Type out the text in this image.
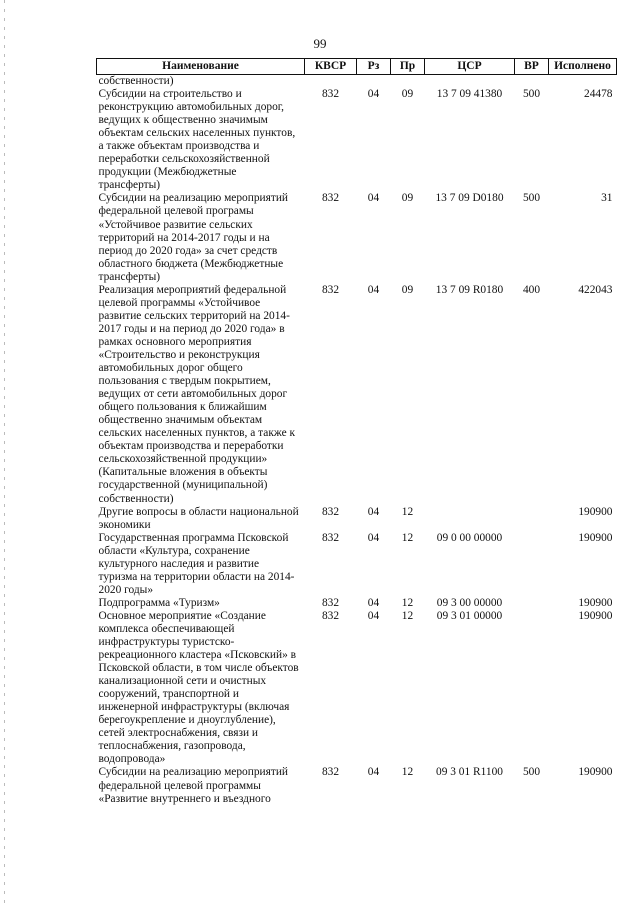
99
Наименование	КВСР	Рз	Пр	ЦСР	ВР	Исполнено
собственности)						
Субсидии на строительство и реконструкцию автомобильных дорог, ведущих к общественно значимым объектам сельских населенных пунктов, а также объектам производства и переработки сельскохозяйственной продукции (Межбюджетные трансферты)	832	04	09	13 7 09 41380	500	24478
Субсидии на реализацию мероприятий федеральной целевой програмы «Устойчивое развитие сельских территорий на 2014-2017 годы и на период до 2020 года» за счет средств областного бюджета (Межбюджетные трансферты)	832	04	09	13 7 09 D0180	500	31
Реализация мероприятий федеральной целевой программы «Устойчивое развитие сельских территорий на 2014-2017 годы и на период до 2020 года» в рамках основного мероприятия «Строительство и реконструкция автомобильных дорог общего пользования с твердым покрытием, ведущих от сети автомобильных дорог общего пользования к ближайшим общественно значимым объектам сельских населенных пунктов, а также к объектам производства и переработки сельскохозяйственной продукции» (Капитальные вложения в объекты государственной (муниципальной) собственности)	832	04	09	13 7 09 R0180	400	422043
Другие вопросы в области национальной экономики	832	04	12			190900
Государственная программа Псковской области «Культура, сохранение культурного наследия и развитие туризма на территории области на 2014-2020 годы»	832	04	12	09 0 00 00000		190900
Подпрограмма «Туризм»	832	04	12	09 3 00 00000		190900
Основное мероприятие «Создание комплекса обеспечивающей инфраструктуры туристско-рекреационного кластера «Псковский» в Псковской области, в том числе объектов канализационной сети и очистных сооружений, транспортной и инженерной инфраструктуры (включая берегоукрепление и дноуглубление), сетей электроснабжения, связи и теплоснабжения, газопровода, водопровода»	832	04	12	09 3 01 00000		190900
Субсидии на реализацию мероприятий федеральной целевой программы «Развитие внутреннего и въездного	832	04	12	09 3 01 R1100	500	190900
